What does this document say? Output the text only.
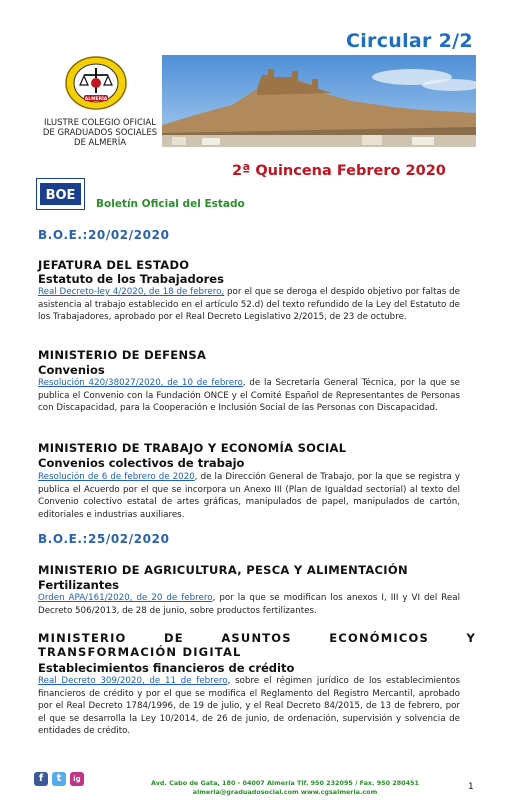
Circular 2/2
ALMERÍA
ILUSTRE COLEGIO OFICIAL
DE GRADUADOS SOCIALES
DE ALMERÍA
2ª Quincena Febrero 2020
BOE
Boletín Oficial del Estado
B.O.E.:20/02/2020
JEFATURA DEL ESTADO
Estatuto de los Trabajadores
Real Decreto-ley 4/2020, de 18 de febrero, por el que se deroga el despido objetivo por faltas de asistencia al trabajo establecido en el artículo 52.d) del texto refundido de la Ley del Estatuto de los Trabajadores, aprobado por el Real Decreto Legislativo 2/2015, de 23 de octubre.
MINISTERIO DE DEFENSA
Convenios
Resolución 420/38027/2020, de 10 de febrero, de la Secretaría General Técnica, por la que se publica el Convenio con la Fundación ONCE y el Comité Español de Representantes de Personas con Discapacidad, para la Cooperación e Inclusión Social de las Personas con Discapacidad.
MINISTERIO DE TRABAJO Y ECONOMÍA SOCIAL
Convenios colectivos de trabajo
Resolución de 6 de febrero de 2020, de la Dirección General de Trabajo, por la que se registra y publica el Acuerdo por el que se incorpora un Anexo III (Plan de Igualdad sectorial) al texto del Convenio colectivo estatal de artes gráficas, manipulados de papel, manipulados de cartón, editoriales e industrias auxiliares.
B.O.E.:25/02/2020
MINISTERIO DE AGRICULTURA, PESCA Y ALIMENTACIÓN
Fertilizantes
Orden APA/161/2020, de 20 de febrero, por la que se modifican los anexos I, III y VI del Real Decreto 506/2013, de 28 de junio, sobre productos fertilizantes.
MINISTERIO DE ASUNTOS ECONÓMICOS Y
TRANSFORMACIÓN DIGITAL
Establecimientos financieros de crédito
Real Decreto 309/2020, de 11 de febrero, sobre el régimen jurídico de los establecimientos financieros de crédito y por el que se modifica el Reglamento del Registro Mercantil, aprobado por el Real Decreto 1784/1996, de 19 de julio, y el Real Decreto 84/2015, de 13 de febrero, por el que se desarrolla la Ley 10/2014, de 26 de junio, de ordenación, supervisión y solvencia de entidades de crédito.
f	t	ig	Avd. Cabo de Gata, 180 - 04007 Almería Tlf. 950 232095 / Fax. 950 280451
almeria@graduadosocial.com www.cgsalmeria.com	1
